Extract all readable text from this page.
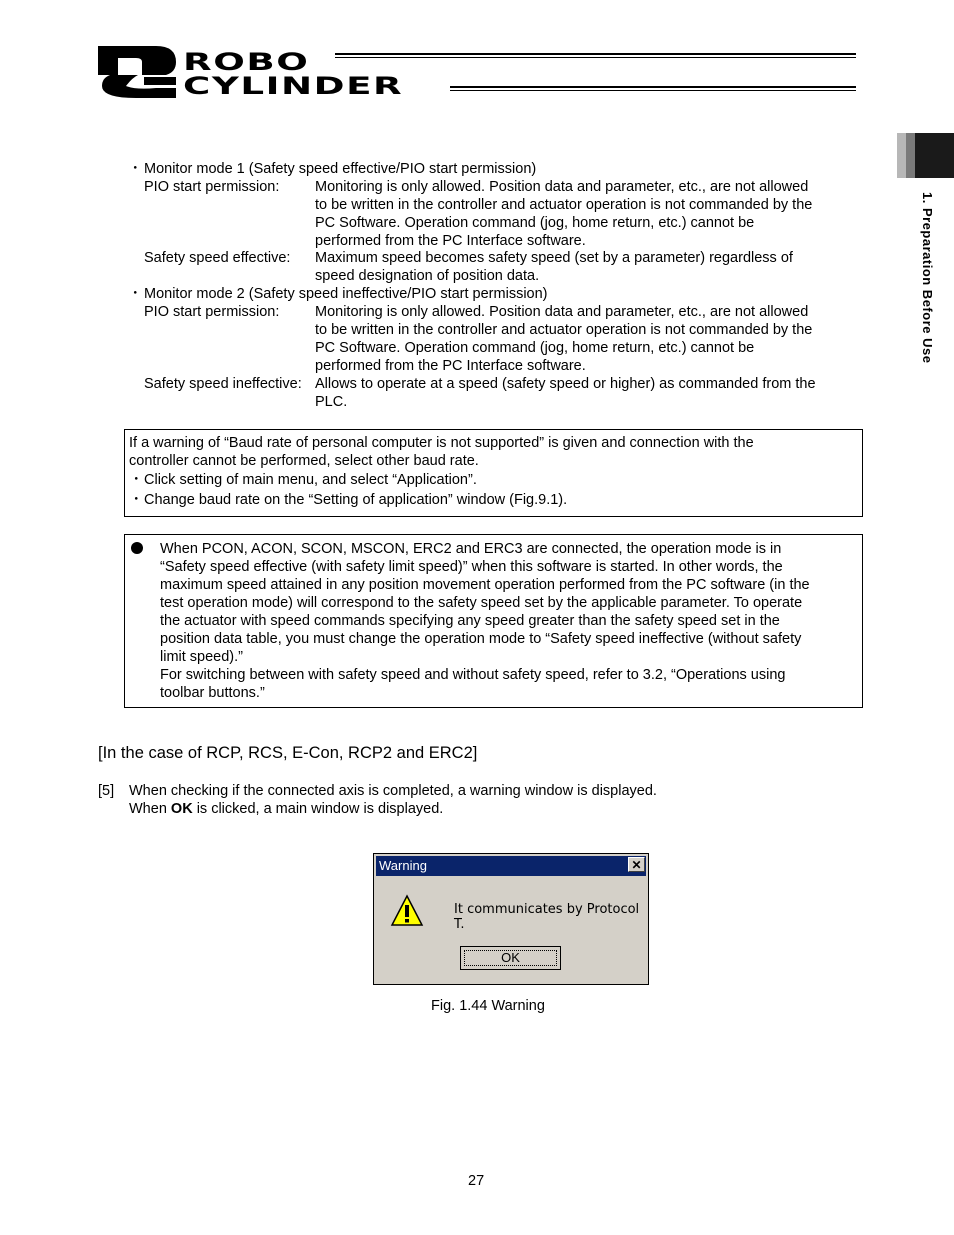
ROBO
CYLINDER
1. Preparation Before Use
・ Monitor mode 1 (Safety speed effective/PIO start permission)
PIO start permission: Monitoring is only allowed. Position data and parameter, etc., are not allowed
to be written in the controller and actuator operation is not commanded by the
PC Software. Operation command (jog, home return, etc.) cannot be
performed from the PC Interface software.
Safety speed effective: Maximum speed becomes safety speed (set by a parameter) regardless of
speed designation of position data.
・ Monitor mode 2 (Safety speed ineffective/PIO start permission)
PIO start permission: Monitoring is only allowed. Position data and parameter, etc., are not allowed
to be written in the controller and actuator operation is not commanded by the
PC Software. Operation command (jog, home return, etc.) cannot be
performed from the PC Interface software.
Safety speed ineffective: Allows to operate at a speed (safety speed or higher) as commanded from the
PLC.
If a warning of “Baud rate of personal computer is not supported” is given and connection with the
controller cannot be performed, select other baud rate.
・ Click setting of main menu, and select “Application”.
・ Change baud rate on the “Setting of application” window (Fig.9.1).
When PCON, ACON, SCON, MSCON, ERC2 and ERC3 are connected, the operation mode is in
“Safety speed effective (with safety limit speed)” when this software is started. In other words, the
maximum speed attained in any position movement operation performed from the PC software (in the
test operation mode) will correspond to the safety speed set by the applicable parameter. To operate
the actuator with speed commands specifying any speed greater than the safety speed set in the
position data table, you must change the operation mode to “Safety speed ineffective (without safety
limit speed).”
For switching between with safety speed and without safety speed, refer to 3.2, “Operations using
toolbar buttons.”
[In the case of RCP, RCS, E-Con, RCP2 and ERC2]
[5] When checking if the connected axis is completed, a warning window is displayed.
When OK is clicked, a main window is displayed.
Warning	✕
It communicates by Protocol T.
OK
Fig. 1.44 Warning
27
